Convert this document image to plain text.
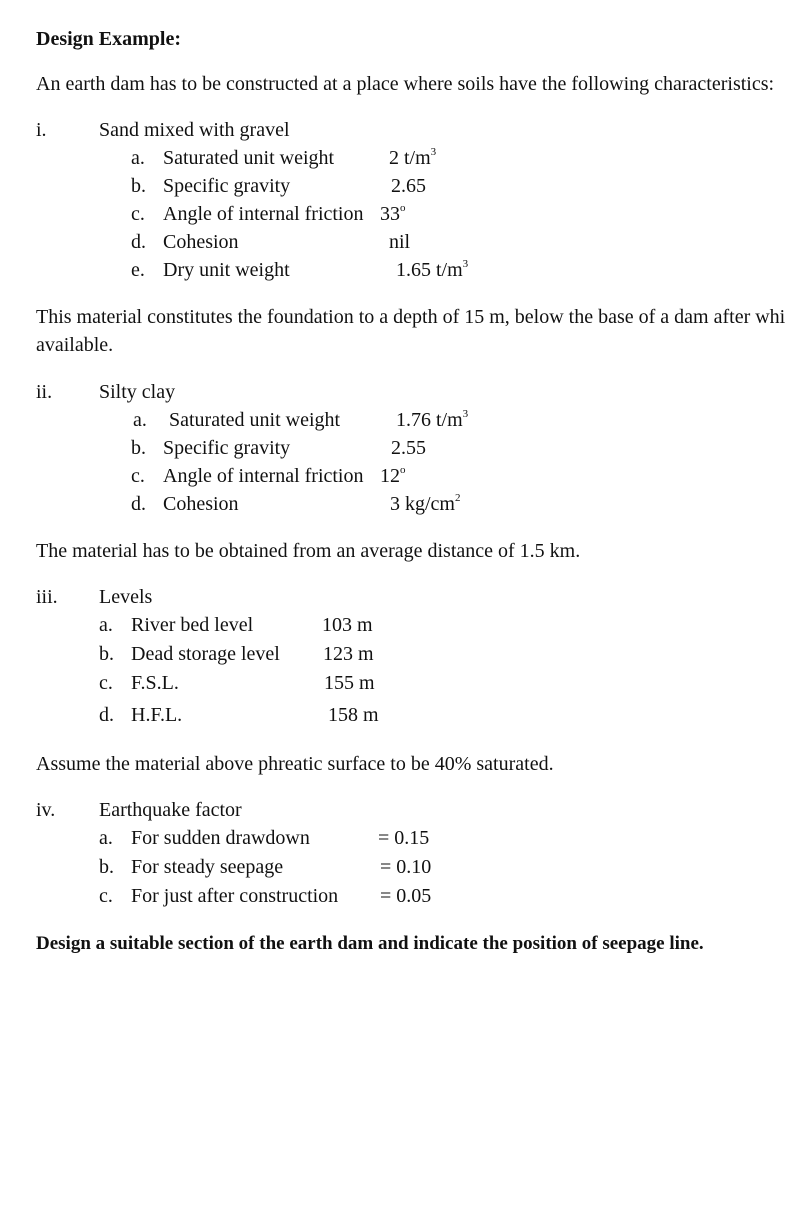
Design Example:
An earth dam has to be constructed at a place where soils have the following characteristics:
i.	Sand mixed with gravel
a. Saturated unit weight	2 $t/m^3$
b. Specific gravity	2.65
c. Angle of internal friction 33$^o$
d. Cohesion	nil
e. Dry unit weight	1.65 $t/m^3$
This material constitutes the foundation to a depth of 15 m, below the base of a dam after whi
available.
ii. Silty clay
a. Saturated unit weight	1.76 $t/m^3$
b. Specific gravity	2.55
c. Angle of internal friction 12$^o$
d. Cohesion	3 $kg/cm^2$
The material has to be obtained from an average distance of 1.5 km.
iii. Levels
a. River bed level	103 m
b. Dead storage level 123 m
c. F.S.L.	155 m
d. H.F.L.	158 m
Assume the material above phreatic surface to be 40% saturated.
iv. Earthquake factor
a. For sudden drawdown	= 0.15
b. For steady seepage	= 0.10
c. For just after construction = 0.05
Design a suitable section of the earth dam and indicate the position of seepage line.
